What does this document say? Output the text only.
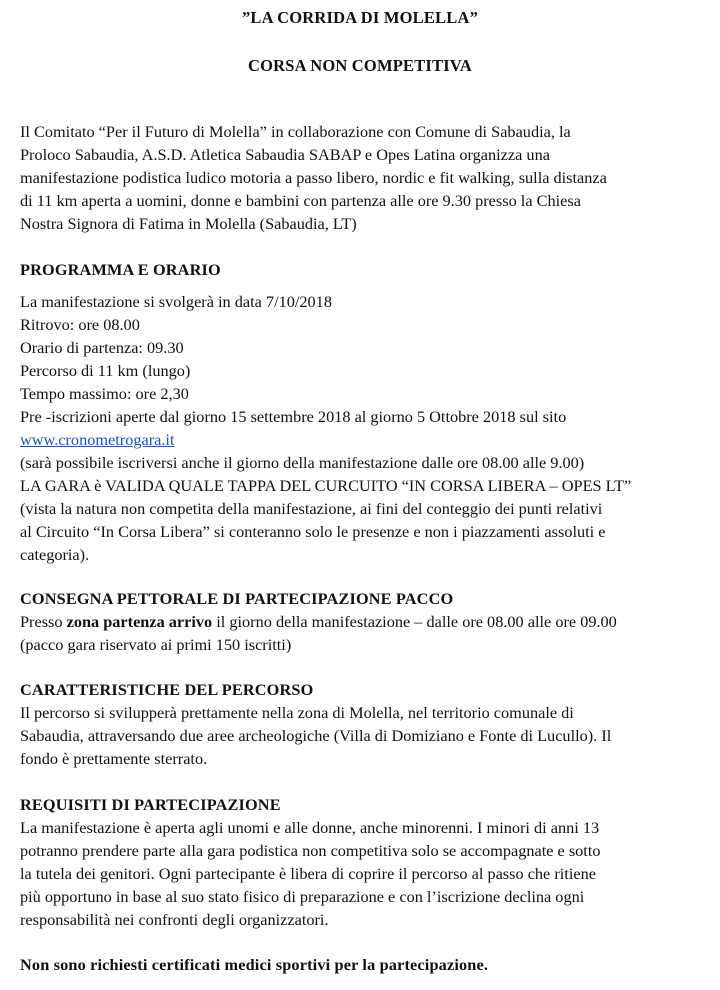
”LA CORRIDA DI MOLELLA”
CORSA NON COMPETITIVA
Il Comitato “Per il Futuro di Molella” in collaborazione con Comune di Sabaudia, la
Proloco Sabaudia, A.S.D. Atletica Sabaudia SABAP e Opes Latina organizza una
manifestazione podistica ludico motoria a passo libero, nordic e fit walking, sulla distanza
di 11 km aperta a uomini, donne e bambini con partenza alle ore 9.30 presso la Chiesa
Nostra Signora di Fatima in Molella (Sabaudia, LT)
PROGRAMMA E ORARIO
La manifestazione si svolgerà in data 7/10/2018
Ritrovo: ore 08.00
Orario di partenza: 09.30
Percorso di 11 km (lungo)
Tempo massimo: ore 2,30
Pre -iscrizioni aperte dal giorno 15 settembre 2018 al giorno 5 Ottobre 2018 sul sito
www.cronometrogara.it
(sarà possibile iscriversi anche il giorno della manifestazione dalle ore 08.00 alle 9.00)
LA GARA è VALIDA QUALE TAPPA DEL CURCUITO “IN CORSA LIBERA – OPES LT”
(vista la natura non competita della manifestazione, ai fini del conteggio dei punti relativi
al Circuito “In Corsa Libera” si conteranno solo le presenze e non i piazzamenti assoluti e
categoria).
CONSEGNA PETTORALE DI PARTECIPAZIONE PACCO
Presso zona partenza arrivo il giorno della manifestazione – dalle ore 08.00 alle ore 09.00
(pacco gara riservato ai primi 150 iscritti)
CARATTERISTICHE DEL PERCORSO
Il percorso si svilupperà prettamente nella zona di Molella, nel territorio comunale di
Sabaudia, attraversando due aree archeologiche (Villa di Domiziano e Fonte di Lucullo). Il
fondo è prettamente sterrato.
REQUISITI DI PARTECIPAZIONE
La manifestazione è aperta agli unomi e alle donne, anche minorenni. I minori di anni 13
potranno prendere parte alla gara podistica non competitiva solo se accompagnate e sotto
la tutela dei genitori. Ogni partecipante è libera di coprire il percorso al passo che ritiene
più opportuno in base al suo stato fisico di preparazione e con l’iscrizione declina ogni
responsabilità nei confronti degli organizzatori.
Non sono richiesti certificati medici sportivi per la partecipazione.
